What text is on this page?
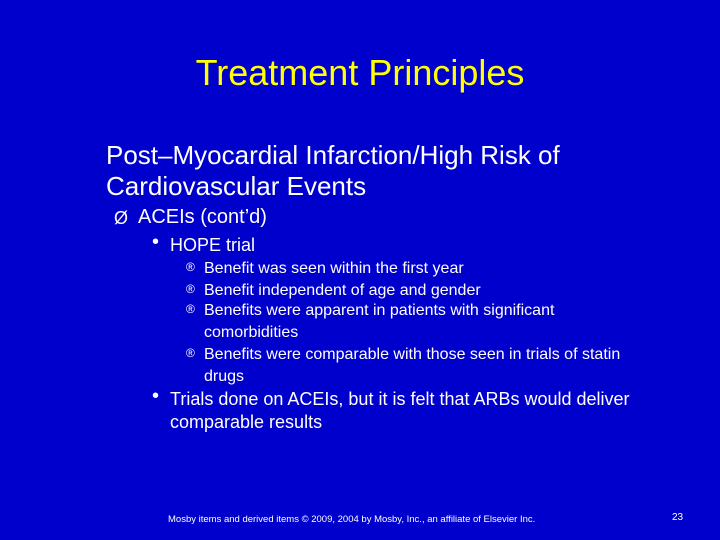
Treatment Principles
Post–Myocardial Infarction/High Risk of Cardiovascular Events
Ø ACEIs (cont’d)
• HOPE trial
® Benefit was seen within the first year
® Benefit independent of age and gender
® Benefits were apparent in patients with significant comorbidities
® Benefits were comparable with those seen in trials of statin drugs
• Trials done on ACEIs, but it is felt that ARBs would deliver comparable results
Mosby items and derived items © 2009, 2004 by Mosby, Inc., an affiliate of Elsevier Inc.	23
